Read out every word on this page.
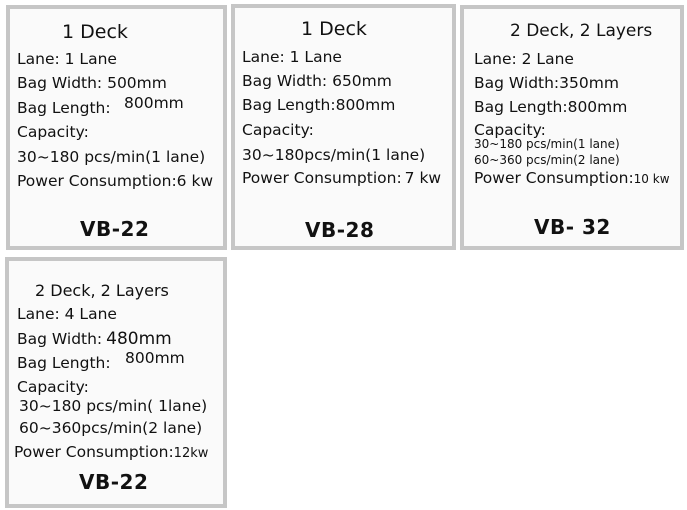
1 Deck
Lane: 1 Lane
Bag Width: 500mm
Bag Length: 800mm
Capacity:
30~180 pcs/min(1 lane)
Power Consumption:6 kw
VB-22
1 Deck
Lane: 1 Lane
Bag Width: 650mm
Bag Length:800mm
Capacity:
30~180pcs/min(1 lane)
Power Consumption: 7 kw
VB-28
2 Deck, 2 Layers
Lane: 2 Lane
Bag Width:350mm
Bag Length:800mm
Capacity:
30~180 pcs/min(1 lane)
60~360 pcs/min(2 lane)
Power Consumption:10 kw
VB- 32
2 Deck, 2 Layers
Lane: 4 Lane
Bag Width: 480mm
Bag Length: 800mm
Capacity:
30~180 pcs/min( 1lane)
60~360pcs/min(2 lane)
Power Consumption:12kw
VB-22
